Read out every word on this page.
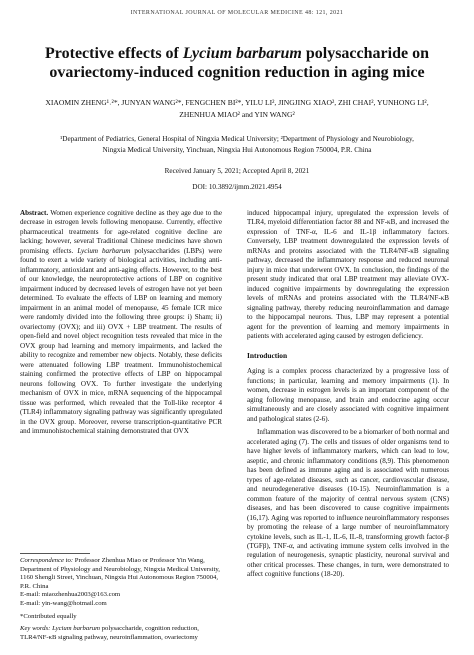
INTERNATIONAL JOURNAL OF MOLECULAR MEDICINE 48: 121, 2021
Protective effects of Lycium barbarum polysaccharide on ovariectomy-induced cognition reduction in aging mice
XIAOMIN ZHENG¹˒²*, JUNYAN WANG²*, FENGCHEN BI²*, YILU LI², JINGJING XIAO², ZHI CHAI², YUNHONG LI², ZHENHUA MIAO² and YIN WANG²
¹Department of Pediatrics, General Hospital of Ningxia Medical University; ²Department of Physiology and Neurobiology,
Ningxia Medical University, Yinchuan, Ningxia Hui Autonomous Region 750004, P.R. China
Received January 5, 2021; Accepted April 8, 2021
DOI: 10.3892/ijmm.2021.4954

Abstract. Women experience cognitive decline as they age due to the decrease in estrogen levels following menopause. Currently, effective pharmaceutical treatments for age-related cognitive decline are lacking; however, several Traditional Chinese medicines have shown promising effects. Lycium barbarum polysaccharides (LBPs) were found to exert a wide variety of biological activities, including anti-inflammatory, antioxidant and anti-aging effects. However, to the best of our knowledge, the neuroprotective actions of LBP on cognitive impairment induced by decreased levels of estrogen have not yet been determined. To evaluate the effects of LBP on learning and memory impairment in an animal model of menopause, 45 female ICR mice were randomly divided into the following three groups: i) Sham; ii) ovariectomy (OVX); and iii) OVX + LBP treatment. The results of open-field and novel object recognition tests revealed that mice in the OVX group had learning and memory impairments, and lacked the ability to recognize and remember new objects. Notably, these deficits were attenuated following LBP treatment. Immunohistochemical staining confirmed the protective effects of LBP on hippocampal neurons following OVX. To further investigate the underlying mechanism of OVX in mice, mRNA sequencing of the hippocampal tissue was performed, which revealed that the Toll-like receptor 4 (TLR4) inflammatory signaling pathway was significantly upregulated in the OVX group. Moreover, reverse transcription-quantitative PCR and immunohistochemical staining demonstrated that OVX

Correspondence to: Professor Zhenhua Miao or Professor Yin Wang, Department of Physiology and Neurobiology, Ningxia Medical University, 1160 Shengli Street, Yinchuan, Ningxia Hui Autonomous Region 750004, P.R. China
E-mail: miaozhenhua2003@163.com
E-mail: yin-wang@hotmail.com

*Contributed equally

Key words: Lycium barbarum polysaccharide, cognition reduction, TLR4/NF-κB signaling pathway, neuroinflammation, ovariectomy

induced hippocampal injury, upregulated the expression levels of TLR4, myeloid differentiation factor 88 and NF-κB, and increased the expression of TNF-α, IL-6 and IL-1β inflammatory factors. Conversely, LBP treatment downregulated the expression levels of mRNAs and proteins associated with the TLR4/NF-κB signaling pathway, decreased the inflammatory response and reduced neuronal injury in mice that underwent OVX. In conclusion, the findings of the present study indicated that oral LBP treatment may alleviate OVX-induced cognitive impairments by downregulating the expression levels of mRNAs and proteins associated with the TLR4/NF-κB signaling pathway, thereby reducing neuroinflammation and damage to the hippocampal neurons. Thus, LBP may represent a potential agent for the prevention of learning and memory impairments in patients with accelerated aging caused by estrogen deficiency.

Introduction

Aging is a complex process characterized by a progressive loss of functions; in particular, learning and memory impairments (1). In women, decrease in estrogen levels is an important component of the aging following menopause, and brain and endocrine aging occur simultaneously and are closely associated with cognitive impairment and pathological states (2-6).

Inflammation was discovered to be a biomarker of both normal and accelerated aging (7). The cells and tissues of older organisms tend to have higher levels of inflammatory markers, which can lead to low, aseptic, and chronic inflammatory conditions (8,9). This phenomenon has been defined as immune aging and is associated with numerous types of age-related diseases, such as cancer, cardiovascular disease, and neurodegenerative diseases (10-15). Neuroinflammation is a common feature of the majority of central nervous system (CNS) diseases, and has been discovered to cause cognitive impairments (16,17). Aging was reported to influence neuroinflammatory responses by promoting the release of a large number of neuroinflammatory cytokine levels, such as IL-1, IL-6, IL-8, transforming growth factor-β (TGFβ), TNF-α, and activating immune system cells involved in the regulation of neurogenesis, synaptic plasticity, neuronal survival and other critical processes. These changes, in turn, were demonstrated to affect cognitive functions (18-20).
